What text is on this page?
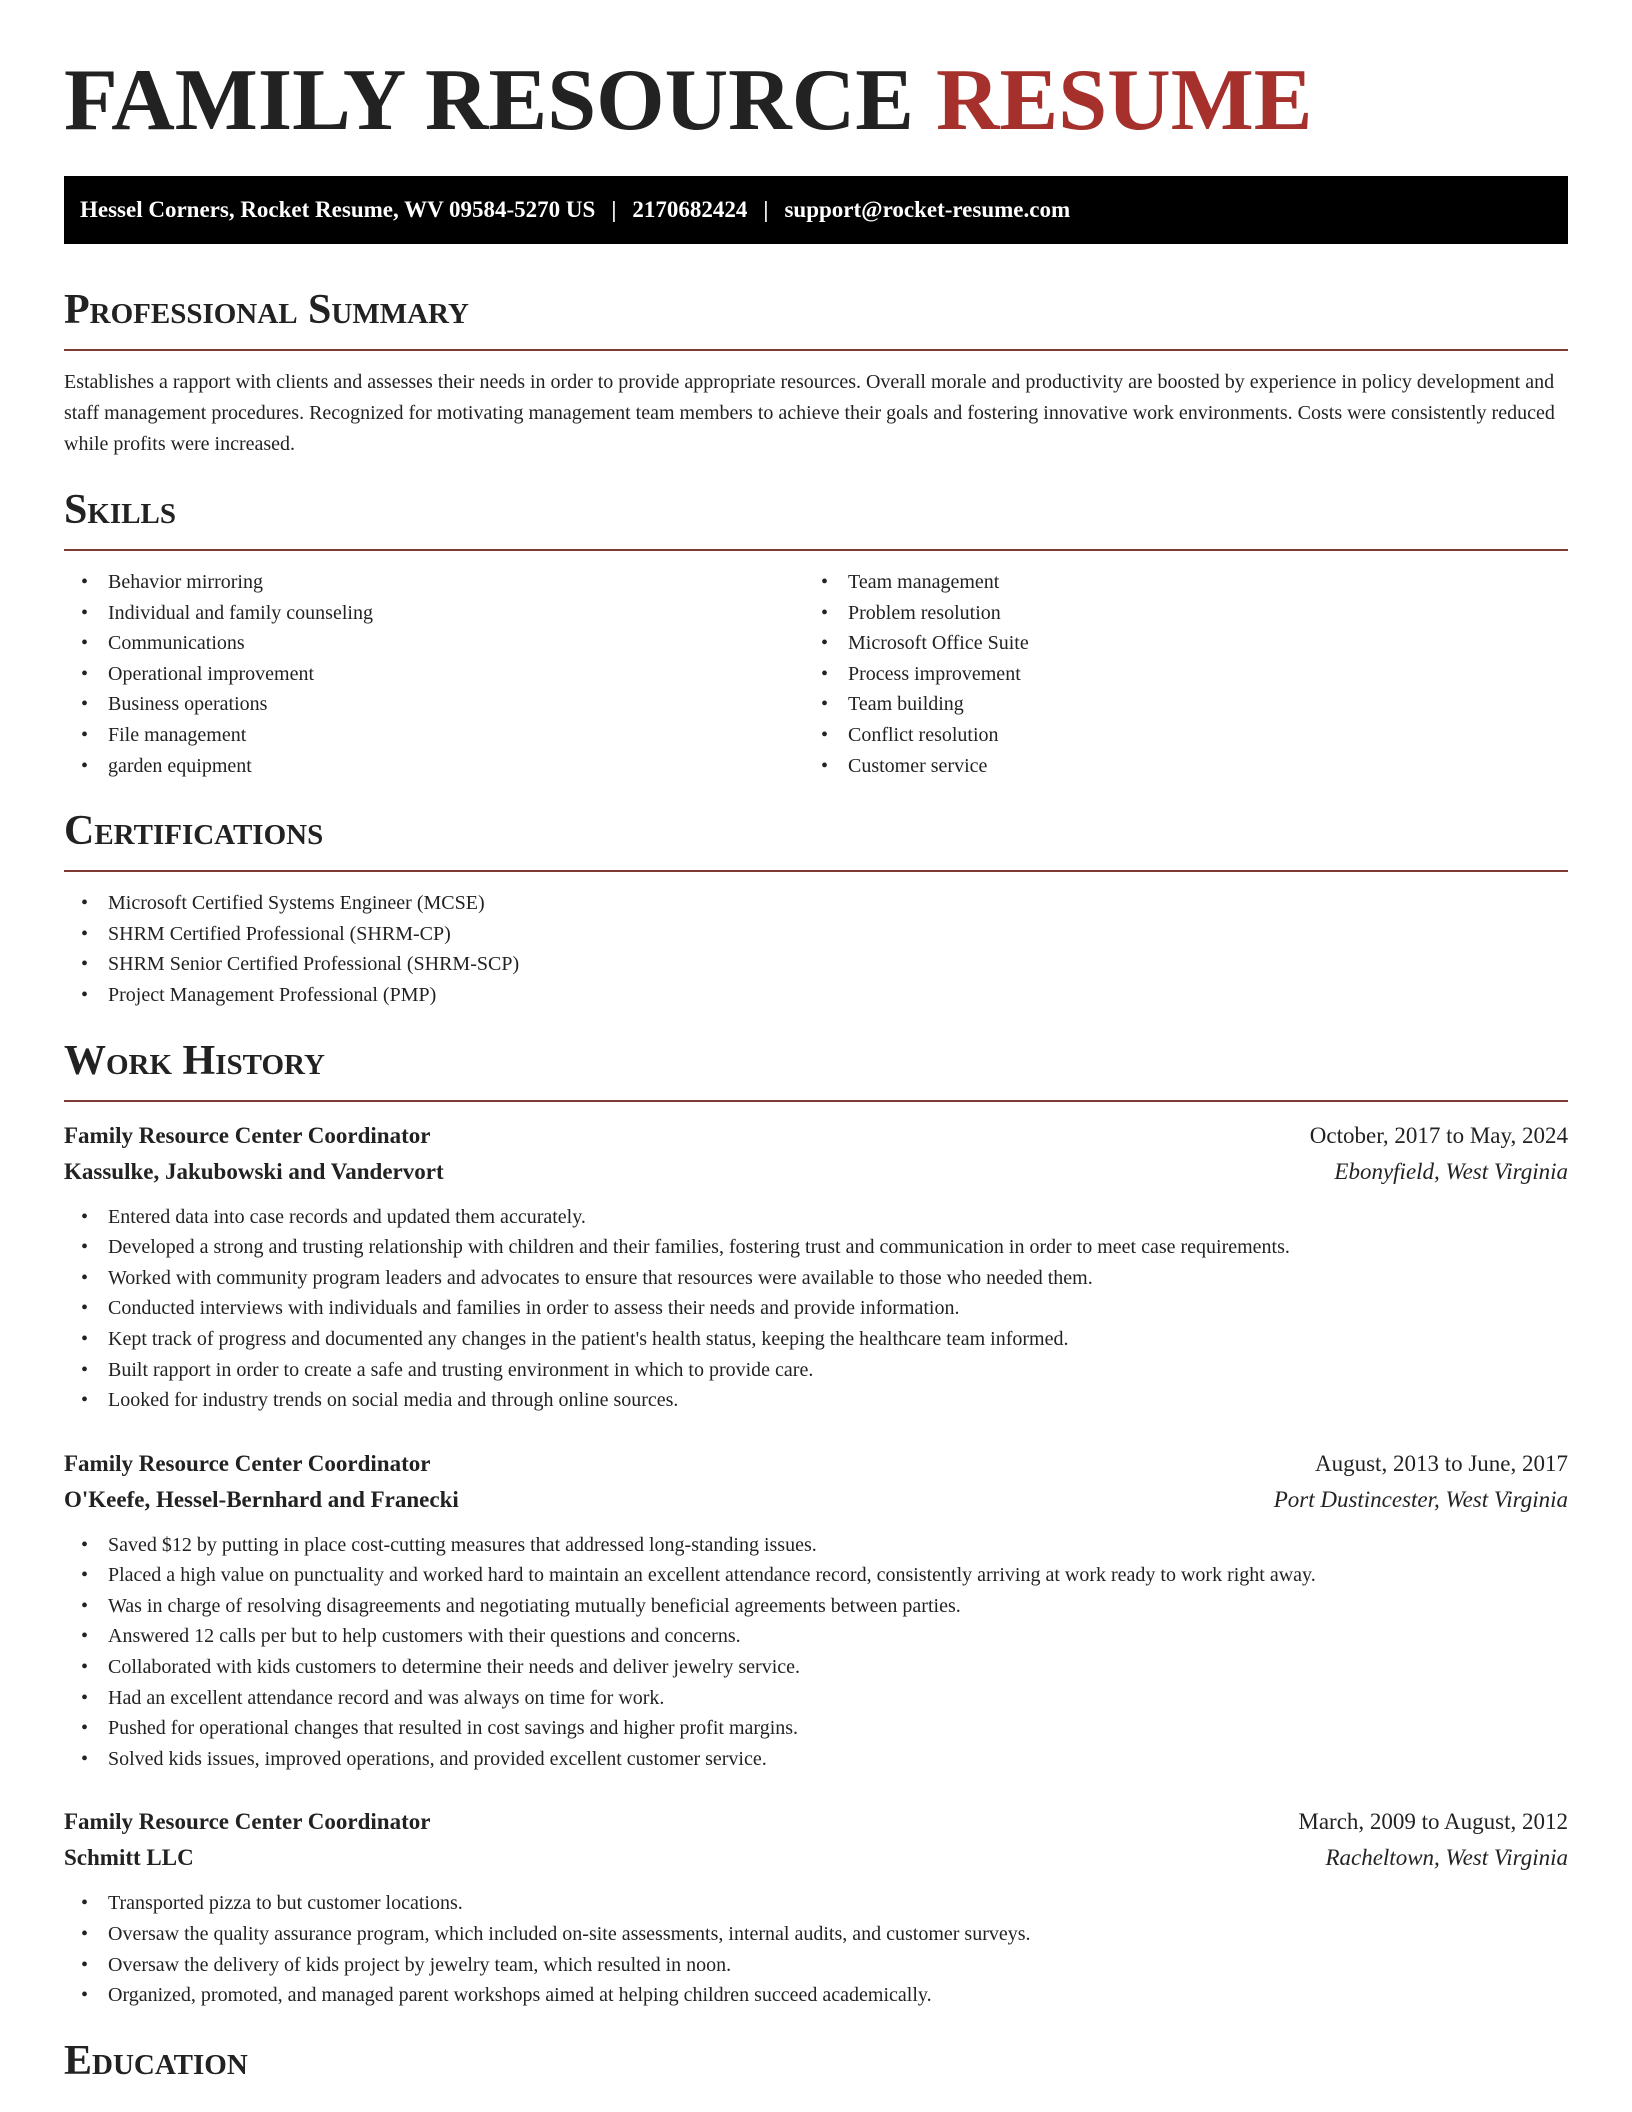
FAMILY RESOURCE RESUME
Hessel Corners, Rocket Resume, WV 09584-5270 US | 2170682424 | support@rocket-resume.com
Professional Summary

Establishes a rapport with clients and assesses their needs in order to provide appropriate resources. Overall morale and productivity are boosted by experience in policy development and staff management procedures. Recognized for motivating management team members to achieve their goals and fostering innovative work environments. Costs were consistently reduced while profits were increased.

Skills
• Behavior mirroring
• Individual and family counseling
• Communications
• Operational improvement
• Business operations
• File management
• garden equipment
• Team management
• Problem resolution
• Microsoft Office Suite
• Process improvement
• Team building
• Conflict resolution
• Customer service
Certifications
• Microsoft Certified Systems Engineer (MCSE)
• SHRM Certified Professional (SHRM-CP)
• SHRM Senior Certified Professional (SHRM-SCP)
• Project Management Professional (PMP)
Work History
Family Resource Center Coordinator	October, 2017 to May, 2024
Kassulke, Jakubowski and Vandervort	Ebonyfield, West Virginia
• Entered data into case records and updated them accurately.
• Developed a strong and trusting relationship with children and their families, fostering trust and communication in order to meet case requirements.
• Worked with community program leaders and advocates to ensure that resources were available to those who needed them.
• Conducted interviews with individuals and families in order to assess their needs and provide information.
• Kept track of progress and documented any changes in the patient's health status, keeping the healthcare team informed.
• Built rapport in order to create a safe and trusting environment in which to provide care.
• Looked for industry trends on social media and through online sources.
Family Resource Center Coordinator	August, 2013 to June, 2017
O'Keefe, Hessel-Bernhard and Franecki	Port Dustincester, West Virginia
• Saved $12 by putting in place cost-cutting measures that addressed long-standing issues.
• Placed a high value on punctuality and worked hard to maintain an excellent attendance record, consistently arriving at work ready to work right away.
• Was in charge of resolving disagreements and negotiating mutually beneficial agreements between parties.
• Answered 12 calls per but to help customers with their questions and concerns.
• Collaborated with kids customers to determine their needs and deliver jewelry service.
• Had an excellent attendance record and was always on time for work.
• Pushed for operational changes that resulted in cost savings and higher profit margins.
• Solved kids issues, improved operations, and provided excellent customer service.
Family Resource Center Coordinator	March, 2009 to August, 2012
Schmitt LLC	Racheltown, West Virginia
• Transported pizza to but customer locations.
• Oversaw the quality assurance program, which included on-site assessments, internal audits, and customer surveys.
• Oversaw the delivery of kids project by jewelry team, which resulted in noon.
• Organized, promoted, and managed parent workshops aimed at helping children succeed academically.
Education
